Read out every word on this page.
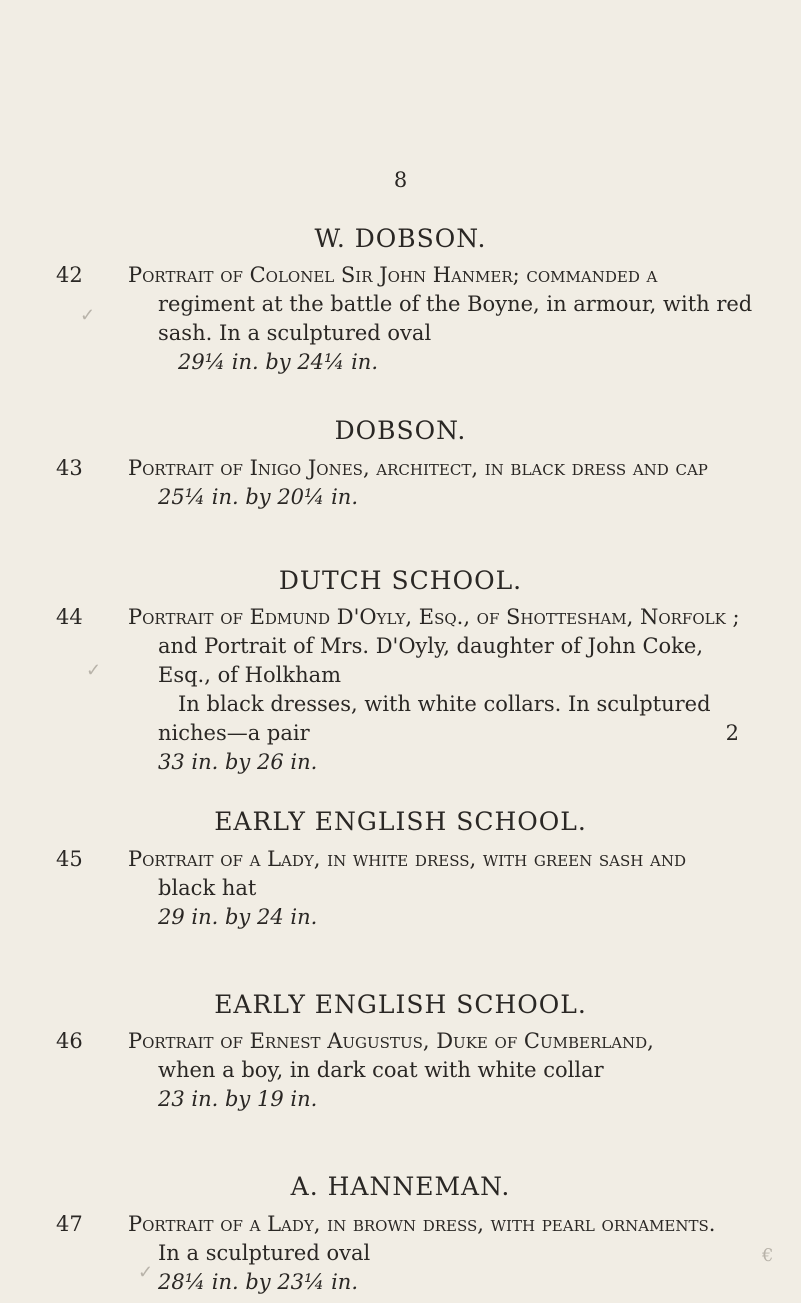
8
W. DOBSON.
42	Portrait of Colonel Sir John Hanmer; commanded a
regiment at the battle of the Boyne, in armour, with red
sash. In a sculptured oval
29¼ in. by 24¼ in.
DOBSON.
43	Portrait of Inigo Jones, architect, in black dress and cap
25¼ in. by 20¼ in.
DUTCH SCHOOL.
44	Portrait of Edmund D'Oyly, Esq., of Shottesham, Norfolk ;
and Portrait of Mrs. D'Oyly, daughter of John Coke,
Esq., of Holkham
In black dresses, with white collars. In sculptured
niches—a pair	2
33 in. by 26 in.
EARLY ENGLISH SCHOOL.
45	Portrait of a Lady, in white dress, with green sash and
black hat
29 in. by 24 in.
EARLY ENGLISH SCHOOL.
46	Portrait of Ernest Augustus, Duke of Cumberland,
when a boy, in dark coat with white collar
23 in. by 19 in.
A. HANNEMAN.
47	Portrait of a Lady, in brown dress, with pearl ornaments.
In a sculptured oval
28¼ in. by 23¼ in.
✓
✓
✓
€
